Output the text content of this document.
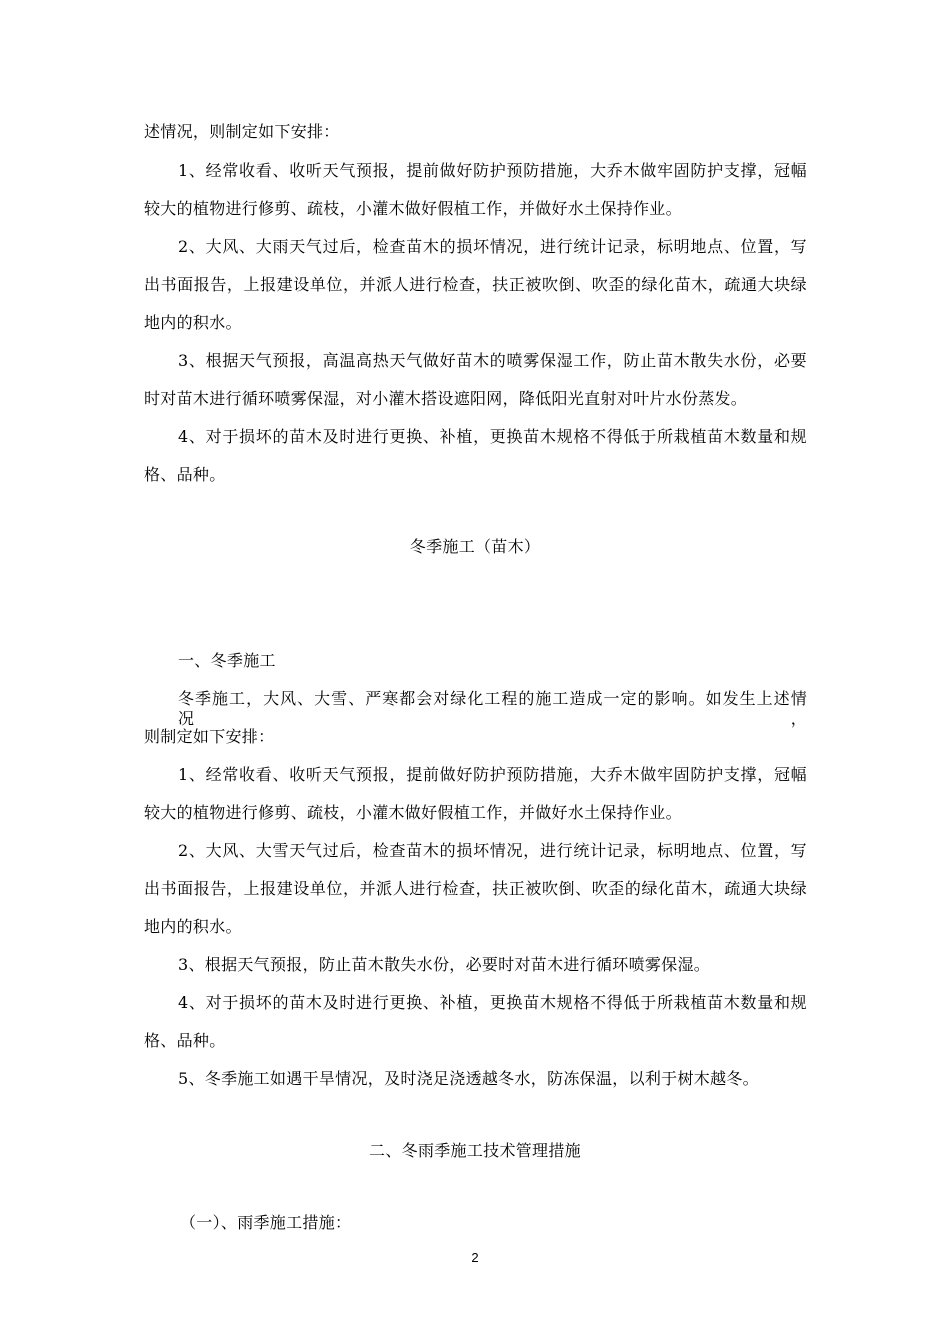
述情况，则制定如下安排：
1、经常收看、收听天气预报，提前做好防护预防措施，大乔木做牢固防护支撑，冠幅
较大的植物进行修剪、疏枝，小灌木做好假植工作，并做好水土保持作业。
2、大风、大雨天气过后，检查苗木的损坏情况，进行统计记录，标明地点、位置，写
出书面报告，上报建设单位，并派人进行检查，扶正被吹倒、吹歪的绿化苗木，疏通大块绿
地内的积水。
3、根据天气预报，高温高热天气做好苗木的喷雾保湿工作，防止苗木散失水份，必要
时对苗木进行循环喷雾保湿，对小灌木搭设遮阳网，降低阳光直射对叶片水份蒸发。
4、对于损坏的苗木及时进行更换、补植，更换苗木规格不得低于所栽植苗木数量和规
格、品种。
冬季施工（苗木）
一、冬季施工
冬季施工，大风、大雪、严寒都会对绿化工程的施工造成一定的影响。如发生上述情况，
则制定如下安排：
1、经常收看、收听天气预报，提前做好防护预防措施，大乔木做牢固防护支撑，冠幅
较大的植物进行修剪、疏枝，小灌木做好假植工作，并做好水土保持作业。
2、大风、大雪天气过后，检查苗木的损坏情况，进行统计记录，标明地点、位置，写
出书面报告，上报建设单位，并派人进行检查，扶正被吹倒、吹歪的绿化苗木，疏通大块绿
地内的积水。
3、根据天气预报，防止苗木散失水份，必要时对苗木进行循环喷雾保湿。
4、对于损坏的苗木及时进行更换、补植，更换苗木规格不得低于所栽植苗木数量和规
格、品种。
5、冬季施工如遇干旱情况，及时浇足浇透越冬水，防冻保温，以利于树木越冬。
二、冬雨季施工技术管理措施
（一）、雨季施工措施：
2
